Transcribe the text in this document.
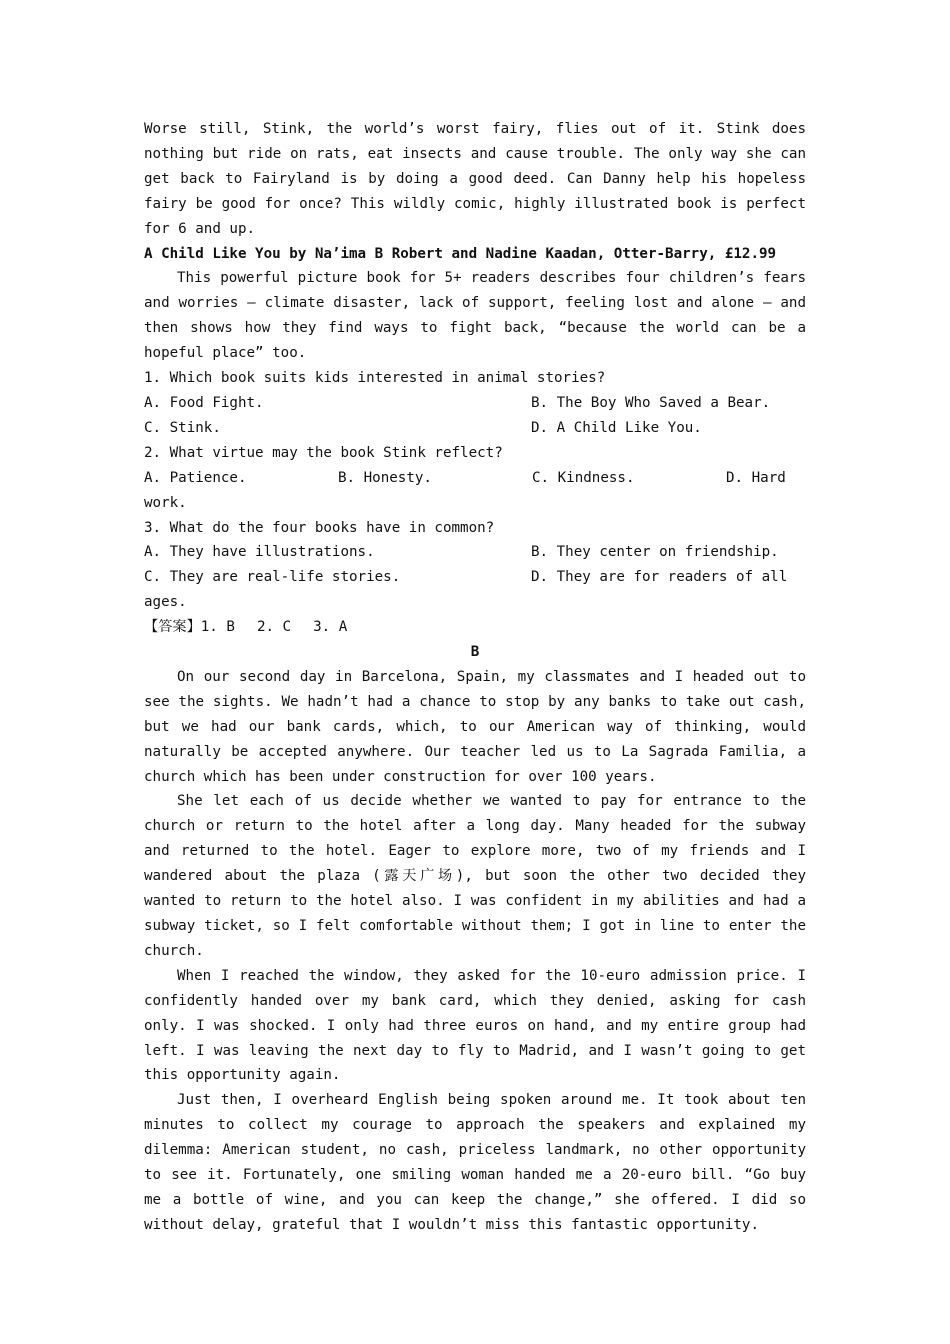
Worse still, Stink, the world’s worst fairy, flies out of it. Stink does nothing but ride on rats, eat insects and cause trouble. The only way she can get back to Fairyland is by doing a good deed. Can Danny help his hopeless fairy be good for once? This wildly comic, highly illustrated book is perfect for 6 and up.

A Child Like You by Na’ima B Robert and Nadine Kaadan, Otter-Barry, £12.99

This powerful picture book for 5+ readers describes four children’s fears and worries — climate disaster, lack of support, feeling lost and alone — and then shows how they find ways to fight back, “because the world can be a hopeful place” too.

1. Which book suits kids interested in animal stories?

A. Food Fight.	B. The Boy Who Saved a Bear.
C. Stink.	D. A Child Like You.

2. What virtue may the book Stink reflect?

A. Patience.	B. Honesty.	C. Kindness.	D. Hard

work.

3. What do the four books have in common?

A. They have illustrations.	B. They center on friendship.
C. They are real-life stories.	D. They are for readers of all

ages.

【答案】1. B 2. C 3. A

B

On our second day in Barcelona, Spain, my classmates and I headed out to see the sights. We hadn’t had a chance to stop by any banks to take out cash, but we had our bank cards, which, to our American way of thinking, would naturally be accepted anywhere. Our teacher led us to La Sagrada Familia, a church which has been under construction for over 100 years.

She let each of us decide whether we wanted to pay for entrance to the church or return to the hotel after a long day. Many headed for the subway and returned to the hotel. Eager to explore more, two of my friends and I wandered about the plaza (露天广场), but soon the other two decided they wanted to return to the hotel also. I was confident in my abilities and had a subway ticket, so I felt comfortable without them; I got in line to enter the church.

When I reached the window, they asked for the 10-euro admission price. I confidently handed over my bank card, which they denied, asking for cash only. I was shocked. I only had three euros on hand, and my entire group had left. I was leaving the next day to fly to Madrid, and I wasn’t going to get this opportunity again.

Just then, I overheard English being spoken around me. It took about ten minutes to collect my courage to approach the speakers and explained my dilemma: American student, no cash, priceless landmark, no other opportunity to see it. Fortunately, one smiling woman handed me a 20-euro bill. “Go buy me a bottle of wine, and you can keep the change,” she offered. I did so without delay, grateful that I wouldn’t miss this fantastic opportunity.
